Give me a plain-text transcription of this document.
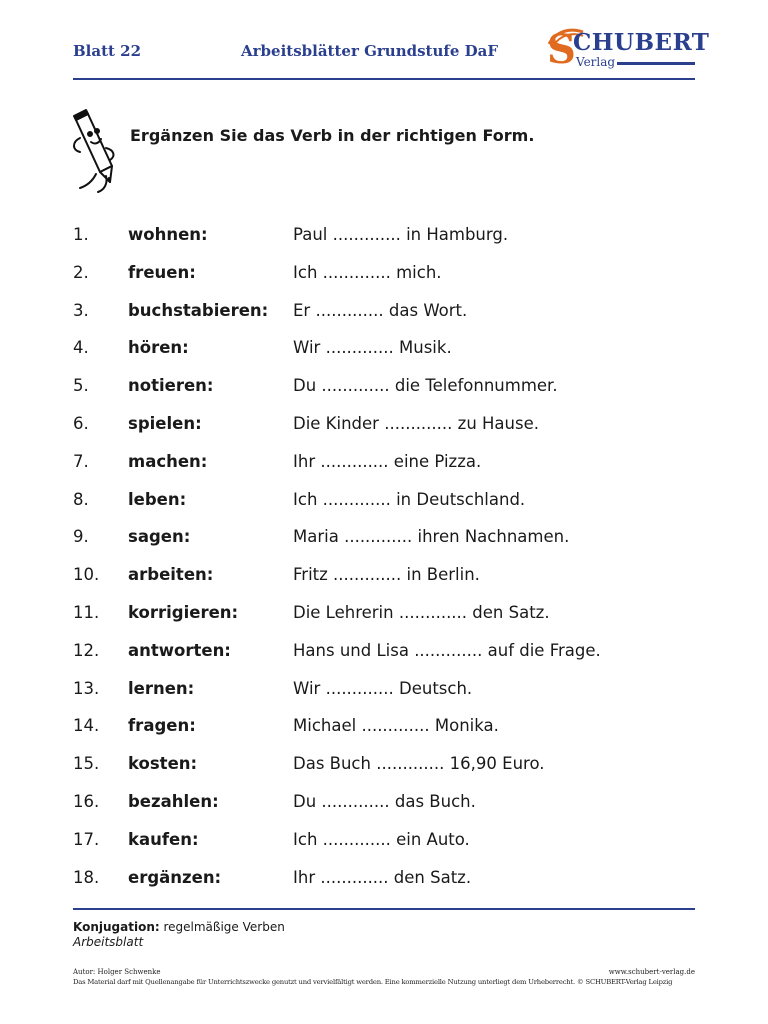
Blatt 22	Arbeitsblätter Grundstufe DaF S
CHUBERT
Verlag
Ergänzen Sie das Verb in der richtigen Form.
1. wohnen:	Paul ............. in Hamburg.
2. freuen:	Ich ............. mich.
3. buchstabieren: Er ............. das Wort.
4. hören:	Wir ............. Musik.
5. notieren:	Du ............. die Telefonnummer.
6. spielen:	Die Kinder ............. zu Hause.
7. machen:	Ihr ............. eine Pizza.
8. leben:	Ich ............. in Deutschland.
9. sagen:	Maria ............. ihren Nachnamen.
10. arbeiten:	Fritz ............. in Berlin.
11. korrigieren:	Die Lehrerin ............. den Satz.
12. antworten:	Hans und Lisa ............. auf die Frage.
13. lernen:	Wir ............. Deutsch.
14. fragen:	Michael ............. Monika.
15. kosten:	Das Buch ............. 16,90 Euro.
16. bezahlen:	Du ............. das Buch.
17. kaufen:	Ich ............. ein Auto.
18. ergänzen:	Ihr ............. den Satz.
Konjugation: regelmäßige Verben
Arbeitsblatt
Autor: Holger Schwenke	www.schubert-verlag.de
Das Material darf mit Quellenangabe für Unterrichtszwecke genutzt und vervielfältigt werden. Eine kommerzielle Nutzung unterliegt dem Urheberrecht. © SCHUBERT-Verlag Leipzig
